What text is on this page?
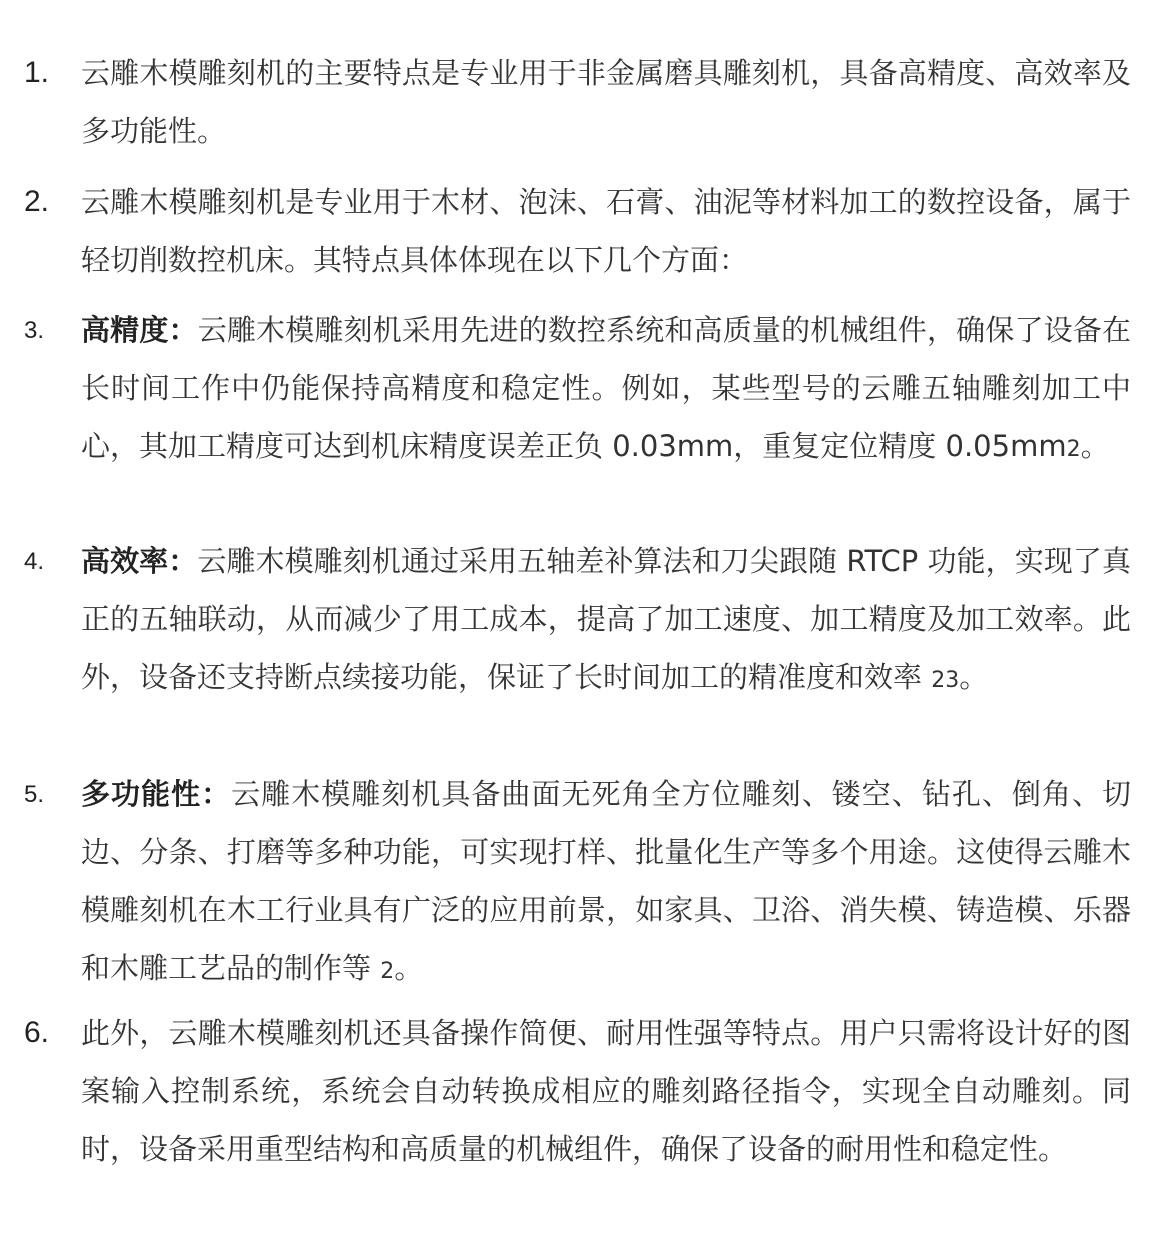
1. 云雕木模雕刻机的主要特点是专业用于非金属磨具雕刻机，具备高精度、高效率及多功能性。
2. 云雕木模雕刻机是专业用于木材、泡沫、石膏、油泥等材料加工的数控设备，属于轻切削数控机床。其特点具体体现在以下几个方面：
3. 高精度：云雕木模雕刻机采用先进的数控系统和高质量的机械组件，确保了设备在长时间工作中仍能保持高精度和稳定性。例如，某些型号的云雕五轴雕刻加工中心，其加工精度可达到机床精度误差正负 0.03mm，重复定位精度 0.05mm2。
4. 高效率：云雕木模雕刻机通过采用五轴差补算法和刀尖跟随 RTCP 功能，实现了真正的五轴联动，从而减少了用工成本，提高了加工速度、加工精度及加工效率。此外，设备还支持断点续接功能，保证了长时间加工的精准度和效率 23。
5. 多功能性：云雕木模雕刻机具备曲面无死角全方位雕刻、镂空、钻孔、倒角、切边、分条、打磨等多种功能，可实现打样、批量化生产等多个用途。这使得云雕木模雕刻机在木工行业具有广泛的应用前景，如家具、卫浴、消失模、铸造模、乐器和木雕工艺品的制作等 2。
6. 此外，云雕木模雕刻机还具备操作简便、耐用性强等特点。用户只需将设计好的图案输入控制系统，系统会自动转换成相应的雕刻路径指令，实现全自动雕刻。同时，设备采用重型结构和高质量的机械组件，确保了设备的耐用性和稳定性。
